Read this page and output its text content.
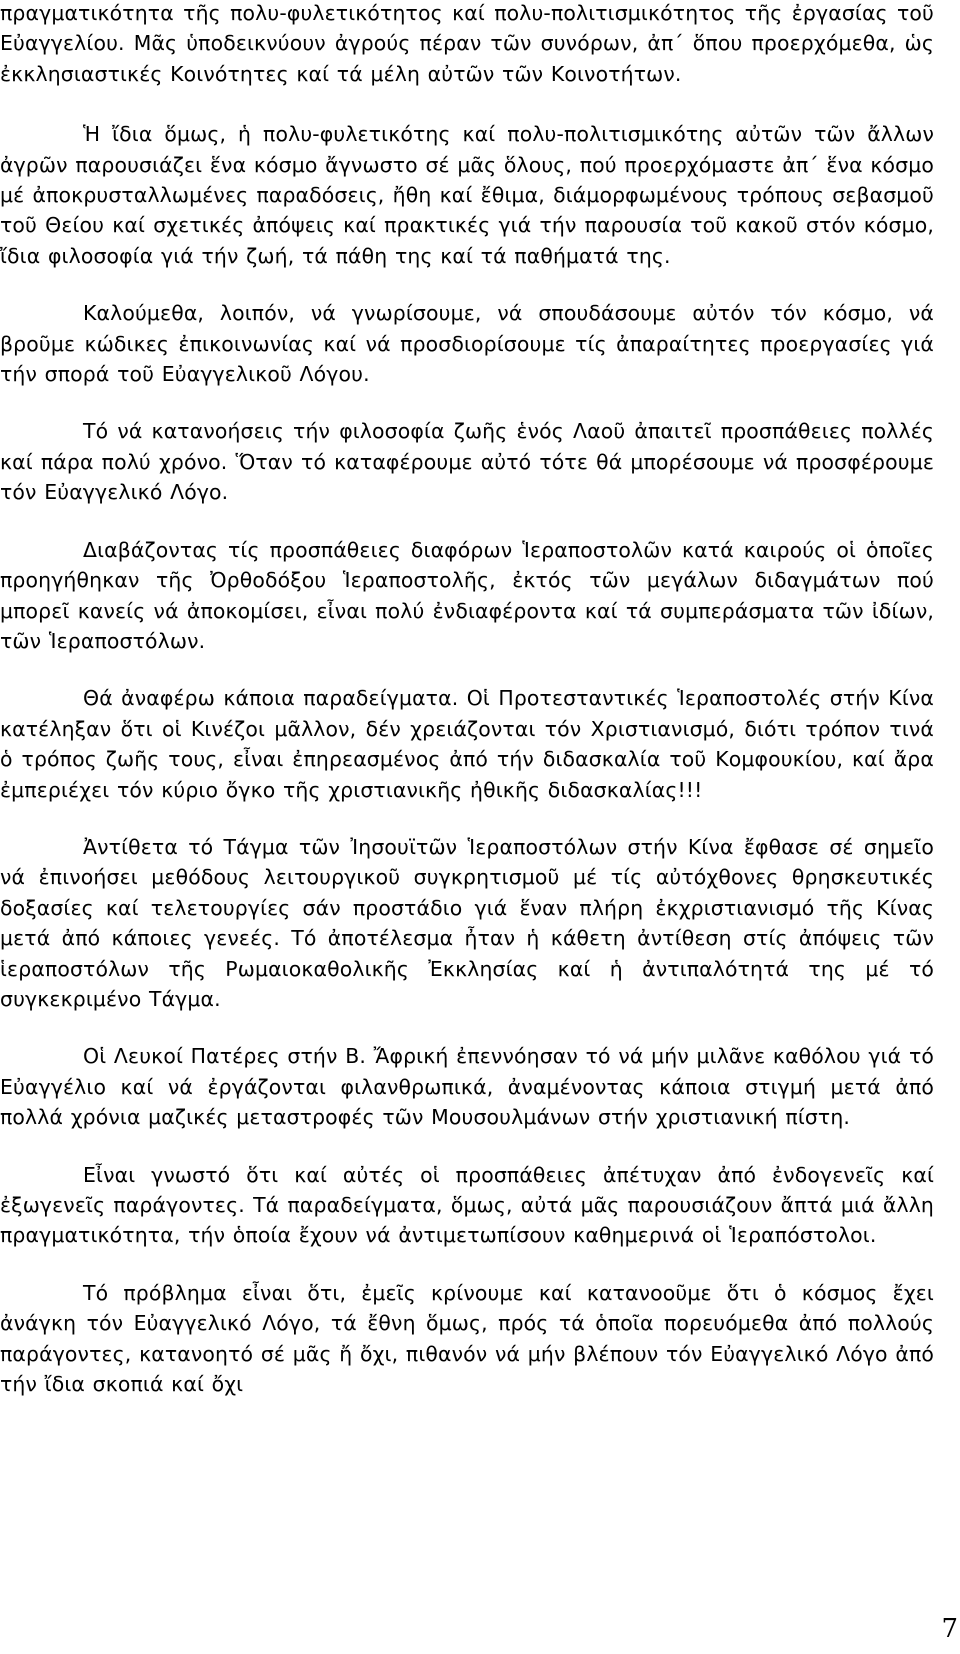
πραγματικότητα τῆς πολυ-φυλετικότητος καί πολυ-πολιτισμικότητος τῆς ἐργασίας τοῦ Εὐαγγελίου. Μᾶς ὑποδεικνύουν ἀγρούς πέραν τῶν συνόρων, ἀπ΄ ὅπου προερχόμεθα, ὡς ἐκκλησιαστικές Κοινότητες καί τά μέλη αὐτῶν τῶν Κοινοτήτων.

Ἡ ἴδια ὅμως, ἡ πολυ-φυλετικότης καί πολυ-πολιτισμικότης αὐτῶν τῶν ἄλλων ἀγρῶν παρουσιάζει ἕνα κόσμο ἄγνωστο σέ μᾶς ὅλους, πού προερχόμαστε ἀπ΄ ἕνα κόσμο μέ ἀποκρυσταλλωμένες παραδόσεις, ἤθη καί ἔθιμα, διάμορφωμένους τρόπους σεβασμοῦ τοῦ Θείου καί σχετικές ἀπόψεις καί πρακτικές γιά τήν παρουσία τοῦ κακοῦ στόν κόσμο, ἴδια φιλοσοφία γιά τήν ζωή, τά πάθη της καί τά παθήματά της.

Καλούμεθα, λοιπόν, νά γνωρίσουμε, νά σπουδάσουμε αὐτόν τόν κόσμο, νά βροῦμε κώδικες ἐπικοινωνίας καί νά προσδιορίσουμε τίς ἀπαραίτητες προεργασίες γιά τήν σπορά τοῦ Εὐαγγελικοῦ Λόγου.

Τό νά κατανοήσεις τήν φιλοσοφία ζωῆς ἑνός Λαοῦ ἀπαιτεῖ προσπάθειες πολλές καί πάρα πολύ χρόνο. Ὅταν τό καταφέρουμε αὐτό τότε θά μπορέσουμε νά προσφέρουμε τόν Εὐαγγελικό Λόγο.

Διαβάζοντας τίς προσπάθειες διαφόρων Ἱεραποστολῶν κατά καιρούς οἱ ὁποῖες προηγήθηκαν τῆς Ὀρθοδόξου Ἱεραποστολῆς, ἐκτός τῶν μεγάλων διδαγμάτων πού μπορεῖ κανείς νά ἀποκομίσει, εἶναι πολύ ἐνδιαφέροντα καί τά συμπεράσματα τῶν ἰδίων, τῶν Ἱεραποστόλων.

Θά ἀναφέρω κάποια παραδείγματα. Οἱ Προτεσταντικές Ἱεραποστολές στήν Κίνα κατέληξαν ὅτι οἱ Κινέζοι μᾶλλον, δέν χρειάζονται τόν Χριστιανισμό, διότι τρόπον τινά ὁ τρόπος ζωῆς τους, εἶναι ἐπηρεασμένος ἀπό τήν διδασκαλία τοῦ Κομφουκίου, καί ἄρα ἐμπεριέχει τόν κύριο ὄγκο τῆς χριστιανικῆς ἠθικῆς διδασκαλίας!!!

Ἀντίθετα τό Τάγμα τῶν Ἰησουϊτῶν Ἱεραποστόλων στήν Κίνα ἔφθασε σέ σημεῖο νά ἐπινοήσει μεθόδους λειτουργικοῦ συγκρητισμοῦ μέ τίς αὐτόχθονες θρησκευτικές δοξασίες καί τελετουργίες σάν προστάδιο γιά ἕναν πλήρη ἐκχριστιανισμό τῆς Κίνας μετά ἀπό κάποιες γενεές. Τό ἀποτέλεσμα ἦταν ἡ κάθετη ἀντίθεση στίς ἀπόψεις τῶν ἱεραποστόλων τῆς Ρωμαιοκαθολικῆς Ἐκκλησίας καί ἡ ἀντιπαλότητά της μέ τό συγκεκριμένο Τάγμα.

Οἱ Λευκοί Πατέρες στήν Β. Ἄφρική ἐπεννόησαν τό νά μήν μιλᾶνε καθόλου γιά τό Εὐαγγέλιο καί νά ἐργάζονται φιλανθρωπικά, ἀναμένοντας κάποια στιγμή μετά ἀπό πολλά χρόνια μαζικές μεταστροφές τῶν Μουσουλμάνων στήν χριστιανική πίστη.

Εἶναι γνωστό ὅτι καί αὐτές οἱ προσπάθειες ἀπέτυχαν ἀπό ἐνδογενεῖς καί ἐξωγενεῖς παράγοντες. Τά παραδείγματα, ὅμως, αὐτά μᾶς παρουσιάζουν ἄπτά μιά ἄλλη πραγματικότητα, τήν ὁποία ἔχουν νά ἀντιμετωπίσουν καθημερινά οἱ Ἱεραπόστολοι.

Τό πρόβλημα εἶναι ὅτι, ἐμεῖς κρίνουμε καί κατανοοῦμε ὅτι ὁ κόσμος ἔχει ἀνάγκη τόν Εὐαγγελικό Λόγο, τά ἔθνη ὅμως, πρός τά ὁποῖα πορευόμεθα ἀπό πολλούς παράγοντες, κατανοητό σέ μᾶς ἤ ὄχι, πιθανόν νά μήν βλέπουν τόν Εὐαγγελικό Λόγο ἀπό τήν ἴδια σκοπιά καί ὄχι

7
